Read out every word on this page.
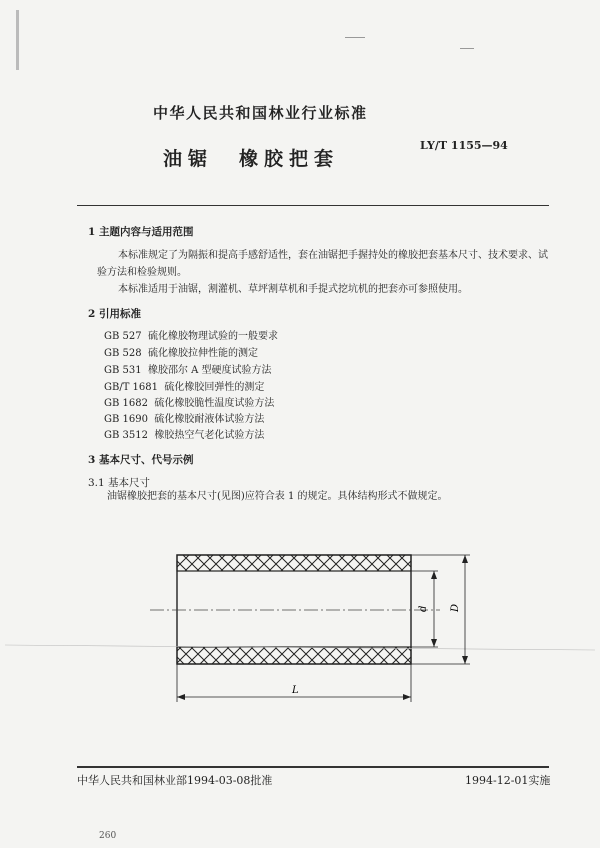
中华人民共和国林业行业标准
LY/T 1155—94
油锯 橡胶把套
1 主题内容与适用范围
本标准规定了为隔振和提高手感舒适性，套在油锯把手握持处的橡胶把套基本尺寸、技术要求、试
验方法和检验规则。
本标准适用于油锯，割灌机、草坪割草机和手提式挖坑机的把套亦可参照使用。
2 引用标准
GB 527 硫化橡胶物理试验的一般要求
GB 528 硫化橡胶拉伸性能的测定
GB 531 橡胶邵尔 A 型硬度试验方法
GB/T 1681 硫化橡胶回弹性的测定
GB 1682 硫化橡胶脆性温度试验方法
GB 1690 硫化橡胶耐液体试验方法
GB 3512 橡胶热空气老化试验方法
3 基本尺寸、代号示例
3.1 基本尺寸
油锯橡胶把套的基本尺寸(见图)应符合表 1 的规定。具体结构形式不做规定。
d D
L
中华人民共和国林业部1994-03-08批准	1994-12-01实施
260
